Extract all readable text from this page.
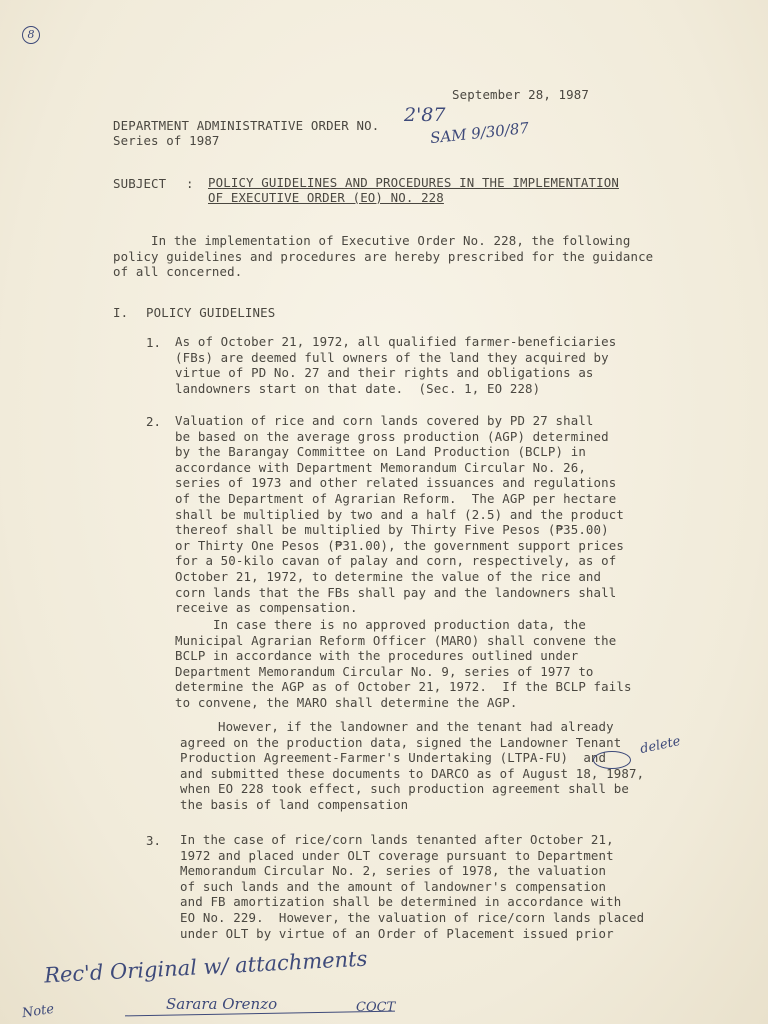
8
September 28, 1987
DEPARTMENT ADMINISTRATIVE ORDER NO.
Series of 1987
2'87
SAM 9/30/87
SUBJECT : POLICY GUIDELINES AND PROCEDURES IN THE IMPLEMENTATION
OF EXECUTIVE ORDER (EO) NO. 228
In the implementation of Executive Order No. 228, the following
policy guidelines and procedures are hereby prescribed for the guidance
of all concerned.
I. POLICY GUIDELINES
1. As of October 21, 1972, all qualified farmer-beneficiaries
(FBs) are deemed full owners of the land they acquired by
virtue of PD No. 27 and their rights and obligations as
landowners start on that date.  (Sec. 1, EO 228)
2. Valuation of rice and corn lands covered by PD 27 shall
be based on the average gross production (AGP) determined
by the Barangay Committee on Land Production (BCLP) in
accordance with Department Memorandum Circular No. 26,
series of 1973 and other related issuances and regulations
of the Department of Agrarian Reform.  The AGP per hectare
shall be multiplied by two and a half (2.5) and the product
thereof shall be multiplied by Thirty Five Pesos (₱35.00)
or Thirty One Pesos (₱31.00), the government support prices
for a 50-kilo cavan of palay and corn, respectively, as of
October 21, 1972, to determine the value of the rice and
corn lands that the FBs shall pay and the landowners shall
receive as compensation.
In case there is no approved production data, the
Municipal Agrarian Reform Officer (MARO) shall convene the
BCLP in accordance with the procedures outlined under
Department Memorandum Circular No. 9, series of 1977 to
determine the AGP as of October 21, 1972.  If the BCLP fails
to convene, the MARO shall determine the AGP.
However, if the landowner and the tenant had already
agreed on the production data, signed the Landowner Tenant
Production Agreement-Farmer's Undertaking (LTPA-FU)  and
and submitted these documents to DARCO as of August 18, 1987,
when EO 228 took effect, such production agreement shall be
the basis of land compensation
delete
3. In the case of rice/corn lands tenanted after October 21,
1972 and placed under OLT coverage pursuant to Department
Memorandum Circular No. 2, series of 1978, the valuation
of such lands and the amount of landowner's compensation
and FB amortization shall be determined in accordance with
EO No. 229.  However, the valuation of rice/corn lands placed
under OLT by virtue of an Order of Placement issued prior
Rec'd Original w/ attachments
Sarara Orenzo	COCT
Note
